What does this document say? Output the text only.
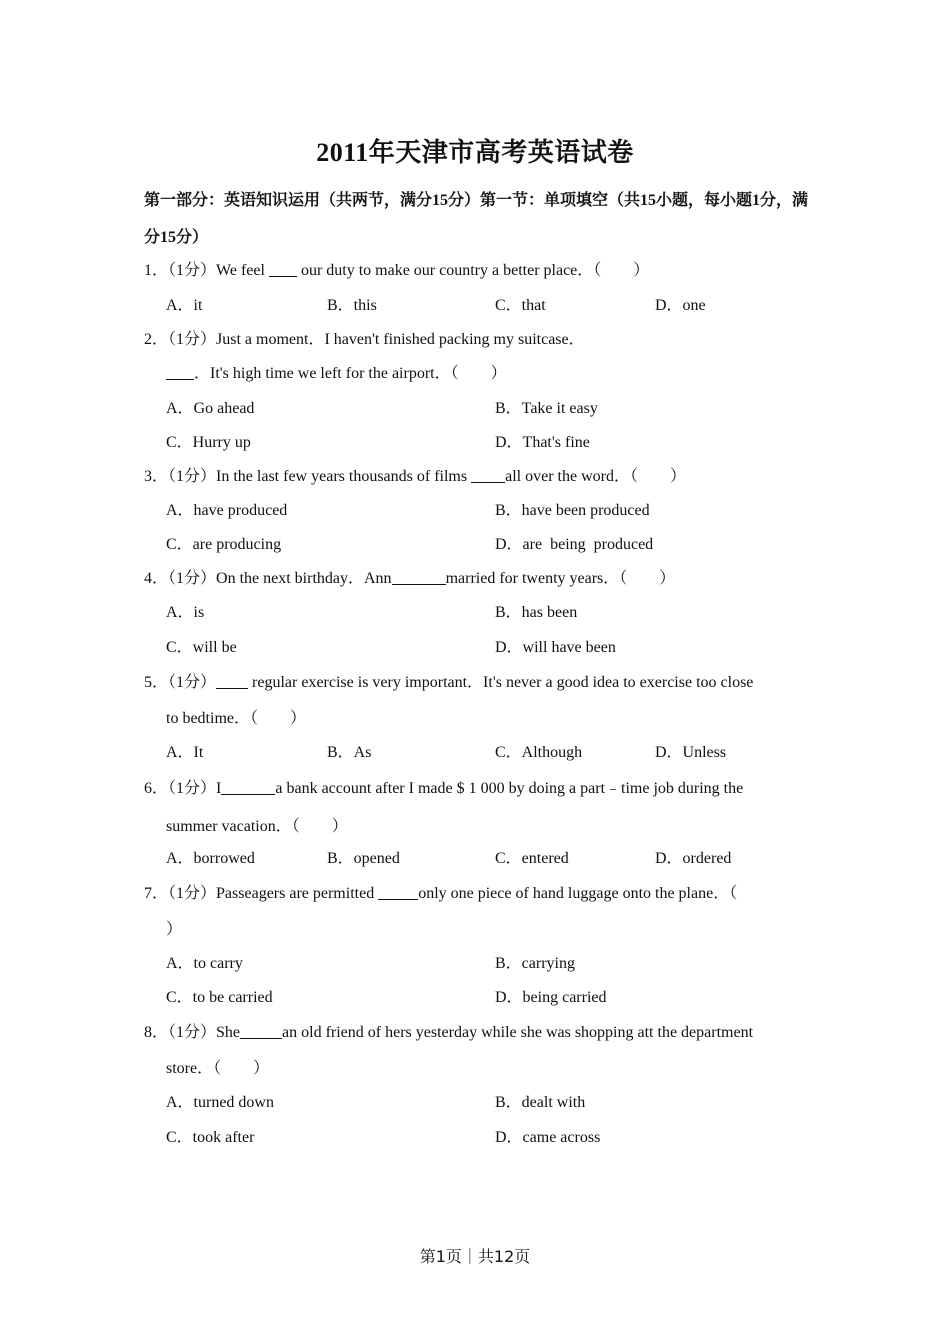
2011年天津市高考英语试卷
第一部分：英语知识运用（共两节，满分15分）第一节：单项填空（共15小题，每小题1分，满分15分）
1．（1分）We feel  our duty to make our country a better place．（　　）
A．it	B．this	C．that	D．one
2．（1分）Just a moment．I haven't finished packing my suitcase．
．It's high time we left for the airport．（　　）
A．Go ahead	B．Take it easy
C．Hurry up	D．That's fine
3．（1分）In the last few years thousands of films all over the word．（　　）
A．have produced	B．have been produced
C．are producing	D．are being produced
4．（1分）On the next birthday．Ann	married for twenty years．（　　）
A．is	B．has been
C．will be	D．will have been
5．（1分） regular exercise is very important．It's never a good idea to exercise too close
to bedtime．（　　）
A．It	B．As	C．Although	D．Unless
6．（1分）I	a bank account after I made $ 1 000 by doing a part﹣time job during the
summer vacation．（　　）
A．borrowed	B．opened	C．entered	D．ordered
7．（1分）Passeagers are permitted	only one piece of hand luggage onto the plane．（
）
A．to carry	B．carrying
C．to be carried	D．being carried
8．（1分）She	an old friend of hers yesterday while she was shopping att the department
store．（　　）
A．turned down	B．dealt with
C．took after	D．came across
第1页｜共12页
